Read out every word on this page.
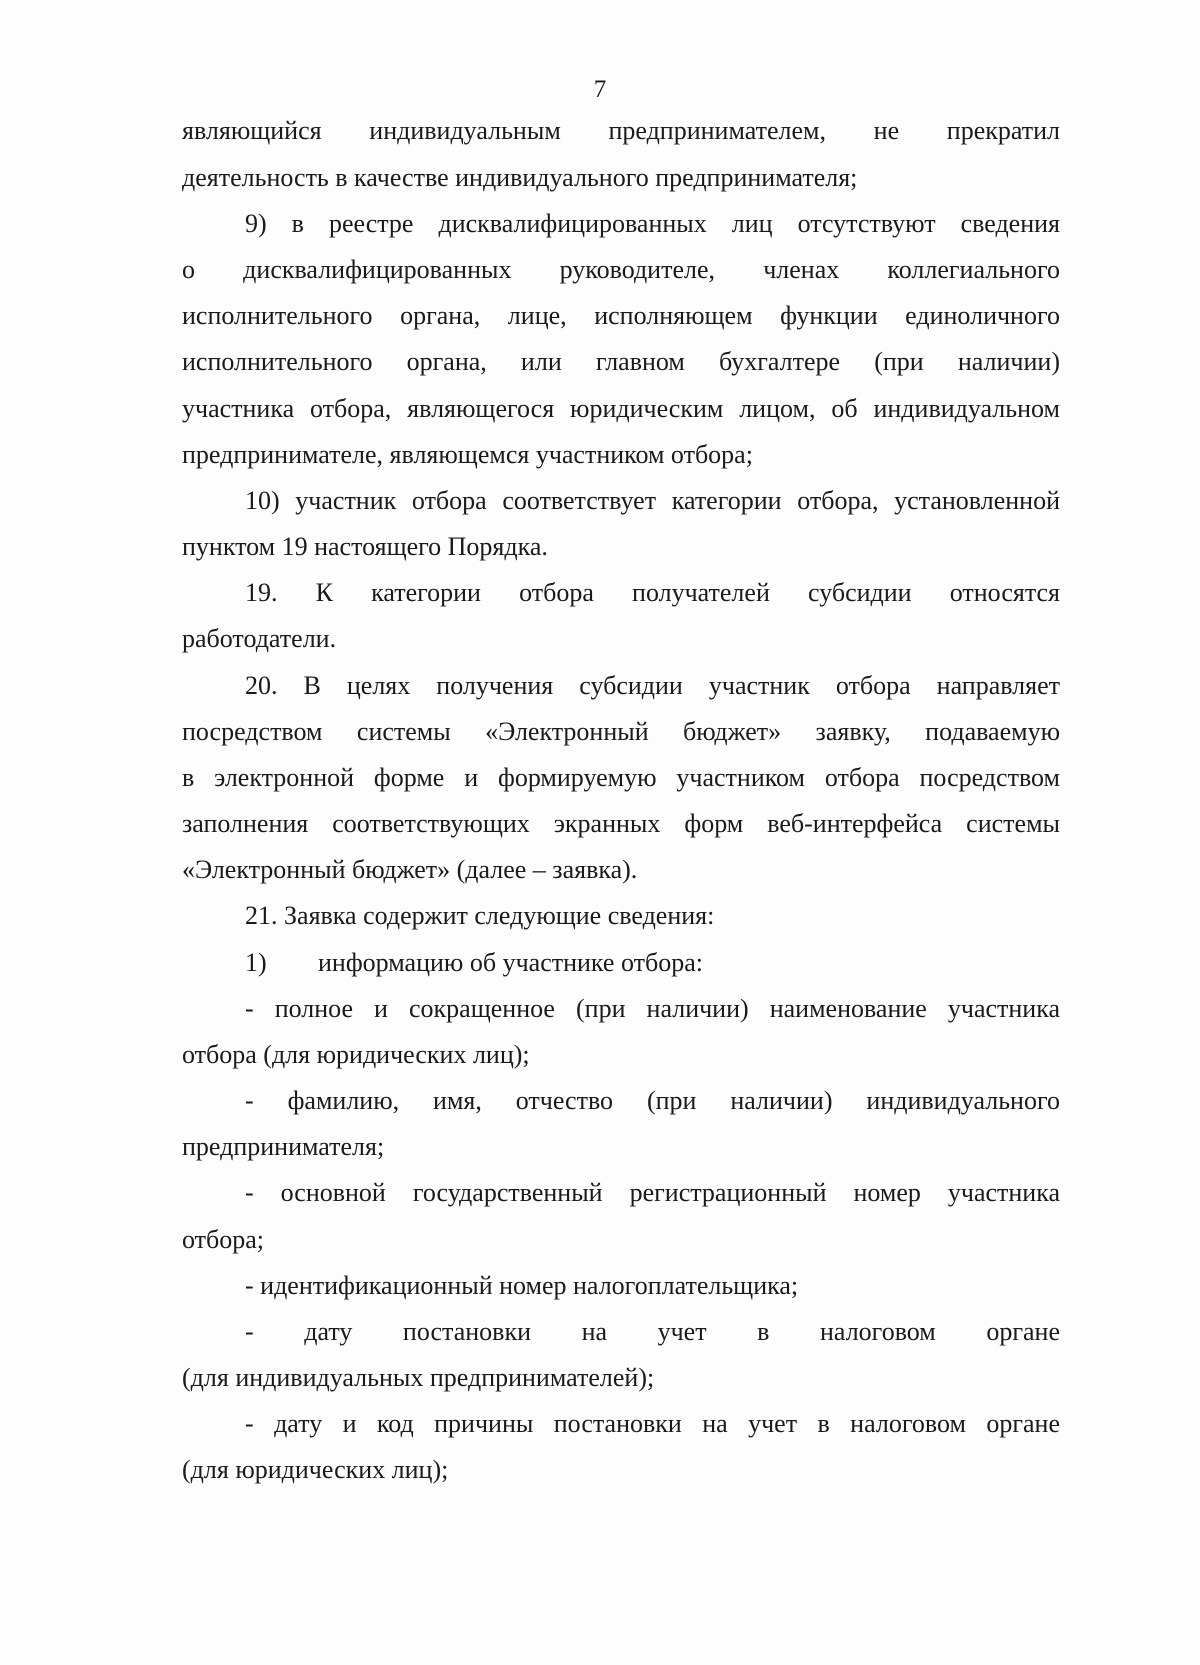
7
являющийся индивидуальным предпринимателем, не прекратил
деятельность в качестве индивидуального предпринимателя;
9) в реестре дисквалифицированных лиц отсутствуют сведения
о дисквалифицированных руководителе, членах коллегиального
исполнительного органа, лице, исполняющем функции единоличного
исполнительного органа, или главном бухгалтере (при наличии)
участника отбора, являющегося юридическим лицом, об индивидуальном
предпринимателе, являющемся участником отбора;
10) участник отбора соответствует категории отбора, установленной
пунктом 19 настоящего Порядка.
19. К категории отбора получателей субсидии относятся
работодатели.
20. В целях получения субсидии участник отбора направляет
посредством системы «Электронный бюджет» заявку, подаваемую
в электронной форме и формируемую участником отбора посредством
заполнения соответствующих экранных форм веб-интерфейса системы
«Электронный бюджет» (далее – заявка).
21. Заявка содержит следующие сведения:
1) информацию об участнике отбора:
- полное и сокращенное (при наличии) наименование участника
отбора (для юридических лиц);
- фамилию, имя, отчество (при наличии) индивидуального
предпринимателя;
- основной государственный регистрационный номер участника
отбора;
- идентификационный номер налогоплательщика;
- дату постановки на учет в налоговом органе
(для индивидуальных предпринимателей);
- дату и код причины постановки на учет в налоговом органе
(для юридических лиц);
